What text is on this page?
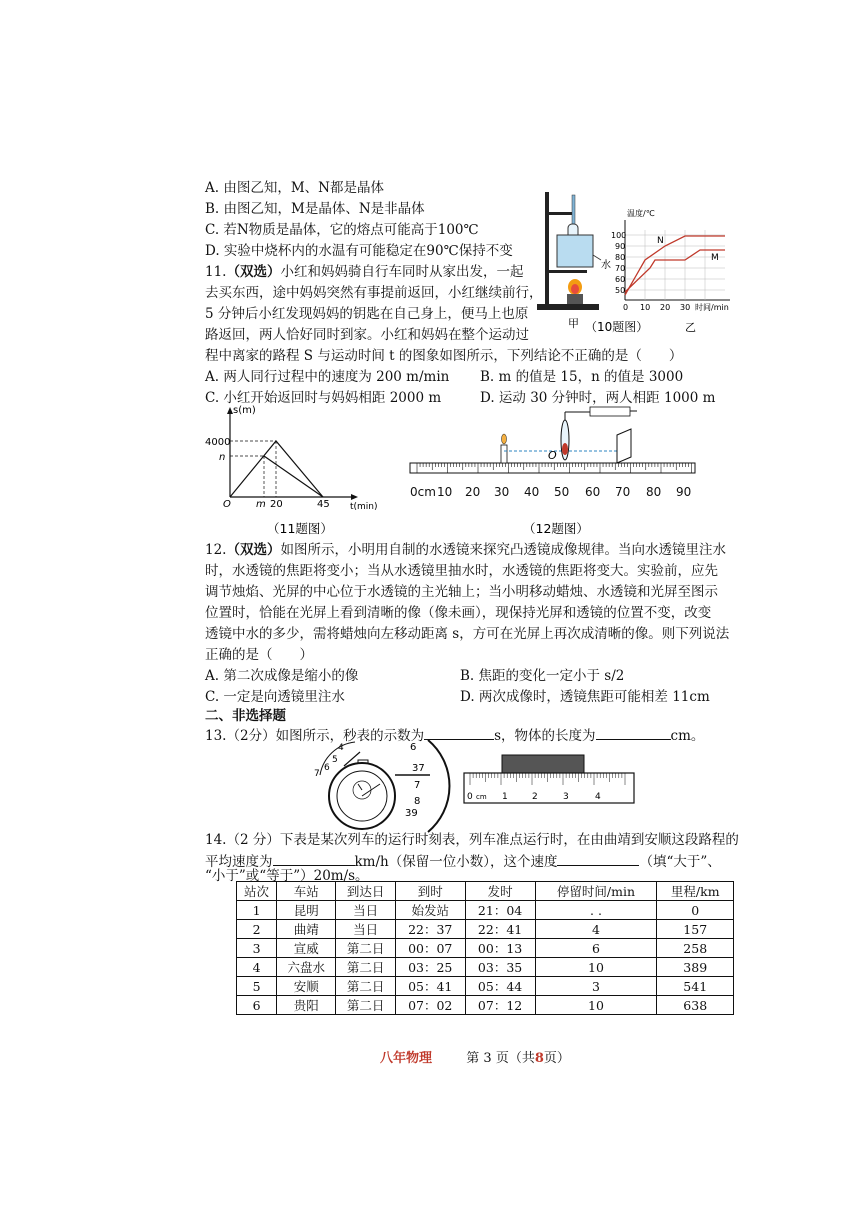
A. 由图乙知，M、N都是晶体
B. 由图乙知，M是晶体、N是非晶体
C. 若N物质是晶体，它的熔点可能高于100℃
D. 实验中烧杯内的水温有可能稳定在90℃保持不变
水
甲 （10题图）
温度/℃
100
90
80
70
60
50
0 10 20 30 时间/min
乙
N
M
11.（双选）小红和妈妈骑自行车同时从家出发，一起
去买东西，途中妈妈突然有事提前返回，小红继续前行，
5 分钟后小红发现妈妈的钥匙在自己身上，便马上也原
路返回，两人恰好同时到家。小红和妈妈在整个运动过
程中离家的路程 S 与运动时间 t 的图象如图所示，下列结论不正确的是（　　）
A. 两人同行过程中的速度为 200 m/min B. m 的值是 15，n 的值是 3000
C. 小红开始返回时与妈妈相距 2000 m	D. 运动 30 分钟时，两人相距 1000 m
s(m)
t(min)
4000
n
O	m 20	45
（11题图）
O
（12题图）
0cm 10 20 30 40 50 60 70 80 90
12.（双选）如图所示，小明用自制的水透镜来探究凸透镜成像规律。当向水透镜里注水
时，水透镜的焦距将变小；当从水透镜里抽水时，水透镜的焦距将变大。实验前，应先
调节烛焰、光屏的中心位于水透镜的主光轴上；当小明移动蜡烛、水透镜和光屏至图示
位置时，恰能在光屏上看到清晰的像（像未画），现保持光屏和透镜的位置不变，改变
透镜中水的多少，需将蜡烛向左移动距离 s，方可在光屏上再次成清晰的像。则下列说法
正确的是（　　）
A. 第二次成像是缩小的像	B. 焦距的变化一定小于 s/2
C. 一定是向透镜里注水	D. 两次成像时，透镜焦距可能相差 11cm
二、非选择题
13.（2分）如图所示，秒表的示数为	s，物体的长度为	cm。
4
5
6
7
6
37
7
8
39
0 cm 1	2	3	4
14.（2 分）下表是某次列车的运行时刻表，列车准点运行时，在由曲靖到安顺这段路程的
平均速度为	km/h（保留一位小数），这个速度	（填“大于”、
“小于”或“等于”）20m/s。
站次	车站	到达日	到时	发时	停留时间/min	里程/km
1	昆明	当日	始发站	21：04	. .	0
2	曲靖	当日	22：37	22：41	4	157
3	宣威	第二日	00：07	00：13	6	258
4	六盘水	第二日	03：25	03：35	10	389
5	安顺	第二日	05：41	05：44	3	541
6	贵阳	第二日	07：02	07：12	10	638
八年物理	第 3 页（共8页）
